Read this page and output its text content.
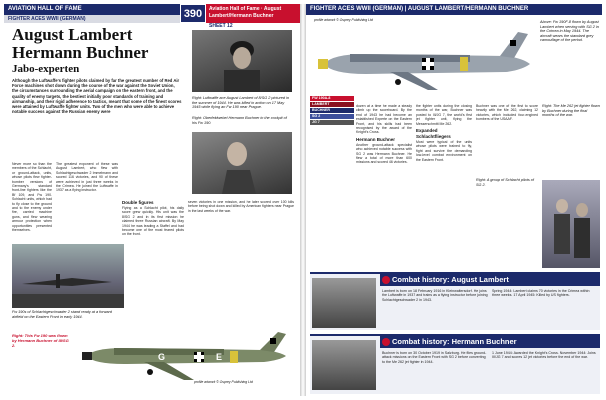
AVIATION HALL OF FAME
FIGHTER ACES WWII (GERMAN)	390	Aviation Hall of Fame · August Lambert/Hermann Buchner
SHEET 12
August Lambert Hermann Buchner
Jabo-experten
Although the Luftwaffe's fighter pilots claimed by far the greatest number of Red Air Force machines shot down during the course of the war against the Soviet Union, the circumstances surrounding the aerial campaign on the eastern front, and the quality of enemy targets, the bestiest initially poor standards of training and airmanship, and their rigid adherence to tactics, meant that some of the finest scores were attained by Luftwaffe fighter units. Two of the men who were able to achieve notable success against the Russian enemy were
Right: Luftwaffe ace August Lambert of 8/SG 2 pictured in the summer of 1944. He was killed in action on 17 May 1945 while flying an Fw 190 near Prague.
Right: Oberfeldwebel Hermann Buchner in the cockpit of his Fw 190.
Never more so than the members of the Schlacht, or ground-attack, units, whose pilots flew fighter-bomber versions of Germany's standard front-line fighters like the Bf 109, and Fw 190. Schlacht units, which had to fly close to the ground and to the enemy under fire, carried machine guns, and flew wearing armour protection when opportunities presented themselves.
The greatest exponent of these was August Lambert, who flew with Schlachtgeschwader 2 Immelmann and scored 116 victories, and 90 of these were achieved in just three weeks in the Crimea. He joined the Luftwaffe in 1937 as a flying instructor.
Double figures
Flying as a Schlacht pilot, his daily score grew quickly. His unit was the 8/SG 2 and in its first mission he claimed three Russian aircraft. By May 1944 he was leading a Staffel and had become one of the most feared pilots on the front.
seven victories in one mission, and he later scored over 100 kills before being shot down and killed by American fighters near Prague in the last weeks of the war.
Fw 190s of Schlachtgeschwader 2 stand ready at a forward airfield on the Eastern Front in early 1944.
Right: This Fw 190 was flown by Hermann Buchner of III/SG 2.
G	E
profile artwork © Osprey Publishing Ltd
FIGHTER ACES WWII (GERMAN) | AUGUST LAMBERT/HERMANN BUCHNER
profile artwork © Osprey Publishing Ltd	Above: Fw 190F-8 flown by August Lambert when serving with SG 2 in the Crimea in May 1944. The aircraft wears the standard grey camouflage of the period.
FW 190A-8
LAMBERT
BUCHNER
SG 2
JG 7
dozen at a time he made a steady climb up the scoreboard. By the end of 1943 he had become an established Experte on the Eastern Front, and his skills had been recognised by the award of the Knight's Cross.
Hermann Buchner
Another ground-attack specialist who achieved notable success with SG 2 was Hermann Buchner. He flew a total of more than 600 missions and scored 46 victories.
the fighter units during the closing months of the war, Buchner was posted to III/JG 7, the world's first jet fighter unit, flying the Messerschmitt Me 262.
Expanded Schlachtfliegers
Most were typical of the units whose pilots were trained to fly, fight and survive the demanding low-level combat environment on the Eastern Front.
Buchner was one of the first to score heavily with the Me 262, claiming 12 victories, which included four-engined bombers of the USAAF.
Right: The Me 262 jet fighter flown by Buchner during the final months of the war.
Right: A group of Schlacht pilots of SG 2.
Combat history: August Lambert
Lambert is born on 18 February 1916 in Kleinwaltersdorf. He joins the Luftwaffe in 1937 and trains as a flying instructor before joining Schlachtgeschwader 2 in 1943.
Spring 1944: Lambert claims 70 victories in the Crimea within three weeks. 17 April 1945: Killed by US fighters.
Combat history: Hermann Buchner
Buchner is born on 30 October 1919 in Salzburg. He flies ground-attack missions on the Eastern Front with SG 2 before converting to the Me 262 jet fighter in 1944.
1 June 1944: Awarded the Knight's Cross. November 1944: Joins III/JG 7 and scores 12 jet victories before the end of the war.
